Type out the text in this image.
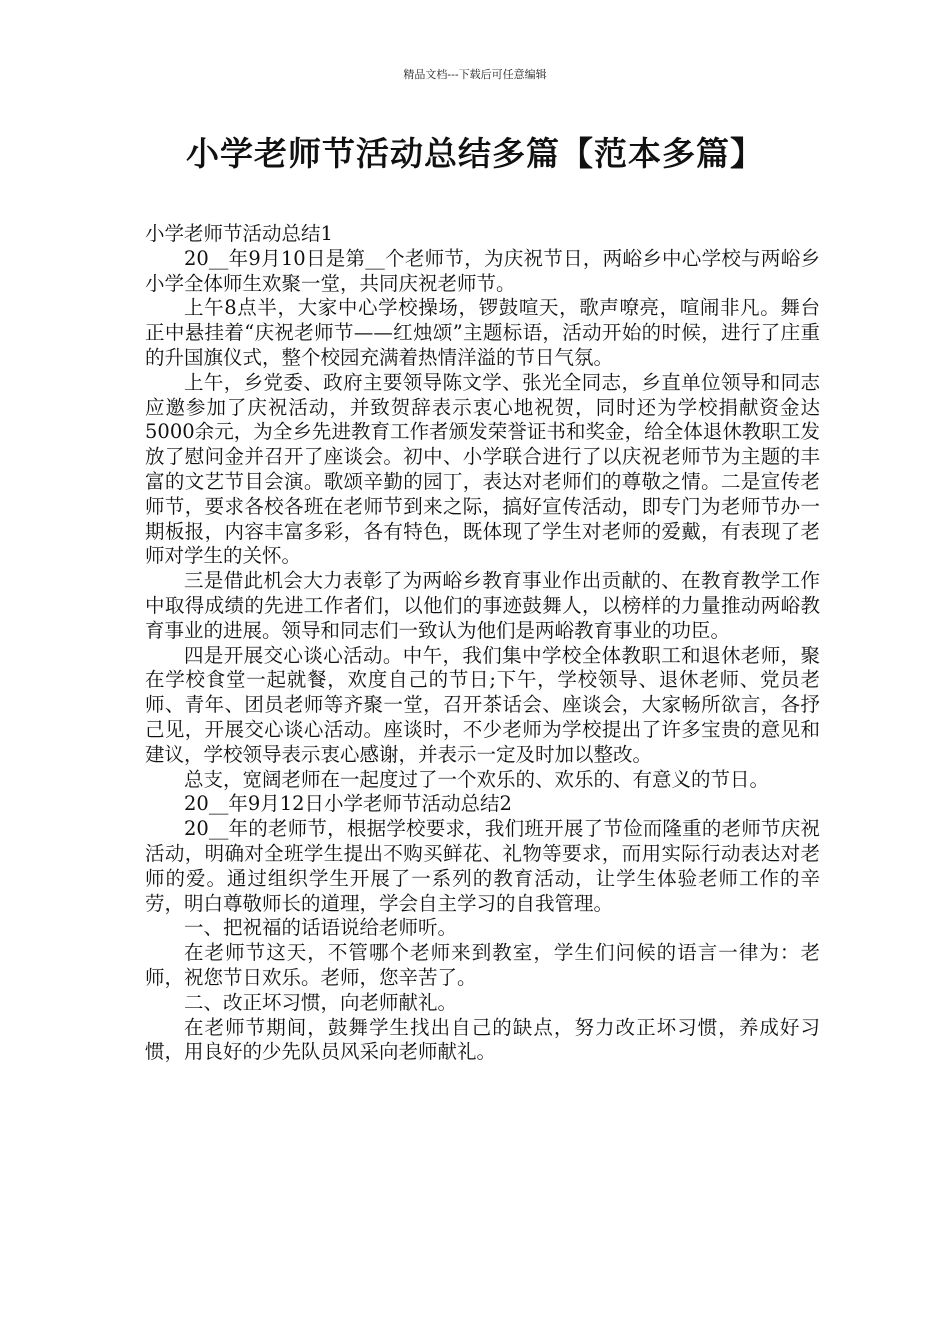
精品文档---下载后可任意编辑
小学老师节活动总结多篇【范本多篇】

小学老师节活动总结1

20__年9月10日是第__个老师节，为庆祝节日，两峪乡中心学校与两峪乡小学全体师生欢聚一堂，共同庆祝老师节。

上午8点半，大家中心学校操场，锣鼓喧天，歌声嘹亮，喧闹非凡。舞台正中悬挂着“庆祝老师节——红烛颂”主题标语，活动开始的时候，进行了庄重的升国旗仪式，整个校园充满着热情洋溢的节日气氛。

上午，乡党委、政府主要领导陈文学、张光全同志，乡直单位领导和同志应邀参加了庆祝活动，并致贺辞表示衷心地祝贺，同时还为学校捐献资金达5000余元，为全乡先进教育工作者颁发荣誉证书和奖金，给全体退休教职工发放了慰问金并召开了座谈会。初中、小学联合进行了以庆祝老师节为主题的丰富的文艺节目会演。歌颂辛勤的园丁，表达对老师们的尊敬之情。二是宣传老师节，要求各校各班在老师节到来之际，搞好宣传活动，即专门为老师节办一期板报，内容丰富多彩，各有特色，既体现了学生对老师的爱戴，有表现了老师对学生的关怀。

三是借此机会大力表彰了为两峪乡教育事业作出贡献的、在教育教学工作中取得成绩的先进工作者们，以他们的事迹鼓舞人，以榜样的力量推动两峪教育事业的进展。领导和同志们一致认为他们是两峪教育事业的功臣。

四是开展交心谈心活动。中午，我们集中学校全体教职工和退休老师，聚在学校食堂一起就餐，欢度自己的节日;下午，学校领导、退休老师、党员老师、青年、团员老师等齐聚一堂，召开茶话会、座谈会，大家畅所欲言，各抒己见，开展交心谈心活动。座谈时，不少老师为学校提出了许多宝贵的意见和建议，学校领导表示衷心感谢，并表示一定及时加以整改。

总支，宽阔老师在一起度过了一个欢乐的、欢乐的、有意义的节日。

20__年9月12日小学老师节活动总结2

20__年的老师节，根据学校要求，我们班开展了节俭而隆重的老师节庆祝活动，明确对全班学生提出不购买鲜花、礼物等要求，而用实际行动表达对老师的爱。通过组织学生开展了一系列的教育活动，让学生体验老师工作的辛劳，明白尊敬师长的道理，学会自主学习的自我管理。

一、把祝福的话语说给老师听。

在老师节这天，不管哪个老师来到教室，学生们问候的语言一律为：老师，祝您节日欢乐。老师，您辛苦了。

二、改正坏习惯，向老师献礼。

在老师节期间，鼓舞学生找出自己的缺点，努力改正坏习惯，养成好习惯，用良好的少先队员风采向老师献礼。
